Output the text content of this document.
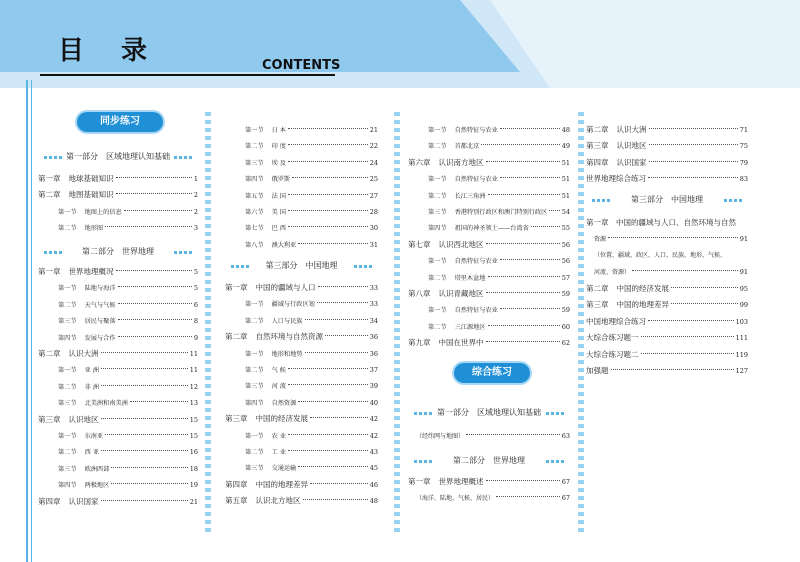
目 录	CONTENTS
同步练习
综合练习
第一部分　区域地理认知基础
第一章 地球基础知识	1
第二章 地图基础知识	2
第一节 地图上的信息	2
第二节 地形图	3
第二部分　世界地理
第一章 世界地理概况	5
第一节 陆地与海洋	5
第二节 天气与气候	6
第三节 居民与聚落	8
第四节 发展与合作	9
第二章 认识大洲	11
第一节 亚 洲	11
第二节 非 洲	12
第三节 北美洲和南美洲	13
第三章 认识地区	15
第一节 东南亚	15
第二节 西 亚	16
第三节 欧洲西部	18
第四节 两极地区	19
第四章 认识国家	21
第一节 日 本	21
第二节 印 度	22
第三节 埃 及	24
第四节 俄罗斯	25
第五节 法 国	27
第六节 美 国	28
第七节 巴 西	30
第八节 澳大利亚	31
第三部分　中国地理
第一章 中国的疆域与人口	33
第一节 疆域与行政区划	33
第二节 人口与民族	34
第二章 自然环境与自然资源	36
第一节 地形和地势	36
第二节 气 候	37
第三节 河 流	39
第四节 自然资源	40
第三章 中国的经济发展	42
第一节 农 业	42
第二节 工 业	43
第三节 交通运输	45
第四章 中国的地理差异	46
第五章 认识北方地区	48
第一节 自然特征与农业	48
第二节 首都北京	49
第六章 认识南方地区	51
第一节 自然特征与农业	51
第二节 长江三角洲	51
第三节 香港特别行政区和澳门特别行政区 54
第四节 祖国的神圣领土——台湾省	55
第七章 认识西北地区	56
第一节 自然特征与农业	56
第二节 塔里木盆地	57
第八章 认识青藏地区	59
第一节 自然特征与农业	59
第二节 三江源地区	60
第九章 中国在世界中	62
第一部分　区域地理认知基础
（经纬网与地图）	63
第二部分　世界地理
第一章 世界地理概述	67
（海洋、陆地、气候、居民）	67
第二章 认识大洲	71
第三章 认识地区	75
第四章 认识国家	79
世界地理综合练习	83
第三部分　中国地理
第一章　中国的疆域与人口、自然环境与自然
资源	91
（位置、疆域、政区、人口、民族、地形、气候、
河流、资源）	91
第二章 中国的经济发展	95
第三章 中国的地理差异	99
中国地理综合练习	103
大综合练习题一	111
大综合练习题二	119
加强题	127
